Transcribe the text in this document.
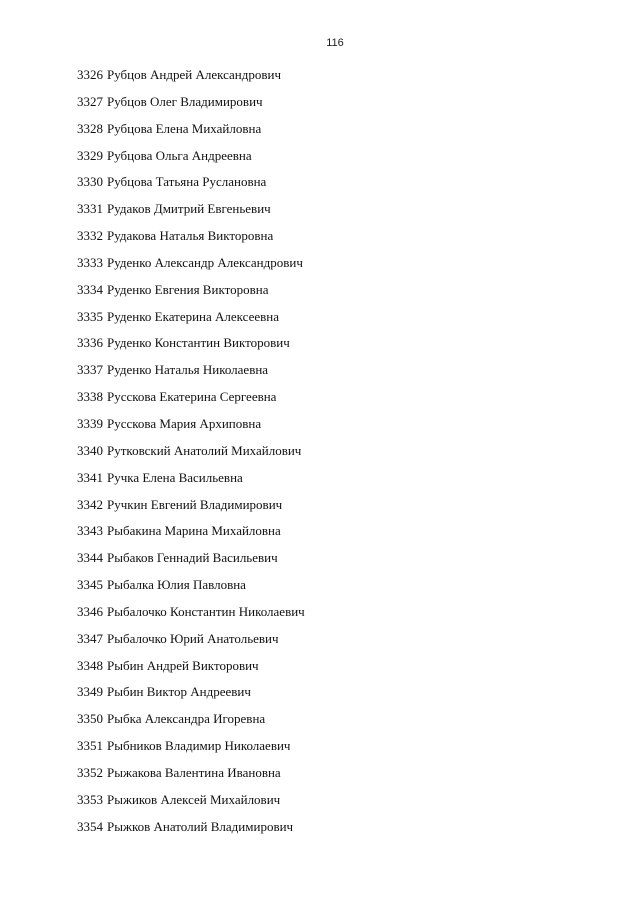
116
3326 Рубцов Андрей Александрович
3327 Рубцов Олег Владимирович
3328 Рубцова Елена Михайловна
3329 Рубцова Ольга Андреевна
3330 Рубцова Татьяна Руслановна
3331 Рудаков Дмитрий Евгеньевич
3332 Рудакова Наталья Викторовна
3333 Руденко Александр Александрович
3334 Руденко Евгения Викторовна
3335 Руденко Екатерина Алексеевна
3336 Руденко Константин Викторович
3337 Руденко Наталья Николаевна
3338 Русскова Екатерина Сергеевна
3339 Русскова Мария Архиповна
3340 Рутковский Анатолий Михайлович
3341 Ручка Елена Васильевна
3342 Ручкин Евгений Владимирович
3343 Рыбакина Марина Михайловна
3344 Рыбаков Геннадий Васильевич
3345 Рыбалка Юлия Павловна
3346 Рыбалочко Константин Николаевич
3347 Рыбалочко Юрий Анатольевич
3348 Рыбин Андрей Викторович
3349 Рыбин Виктор Андреевич
3350 Рыбка Александра Игоревна
3351 Рыбников Владимир Николаевич
3352 Рыжакова Валентина Ивановна
3353 Рыжиков Алексей Михайлович
3354 Рыжков Анатолий Владимирович
